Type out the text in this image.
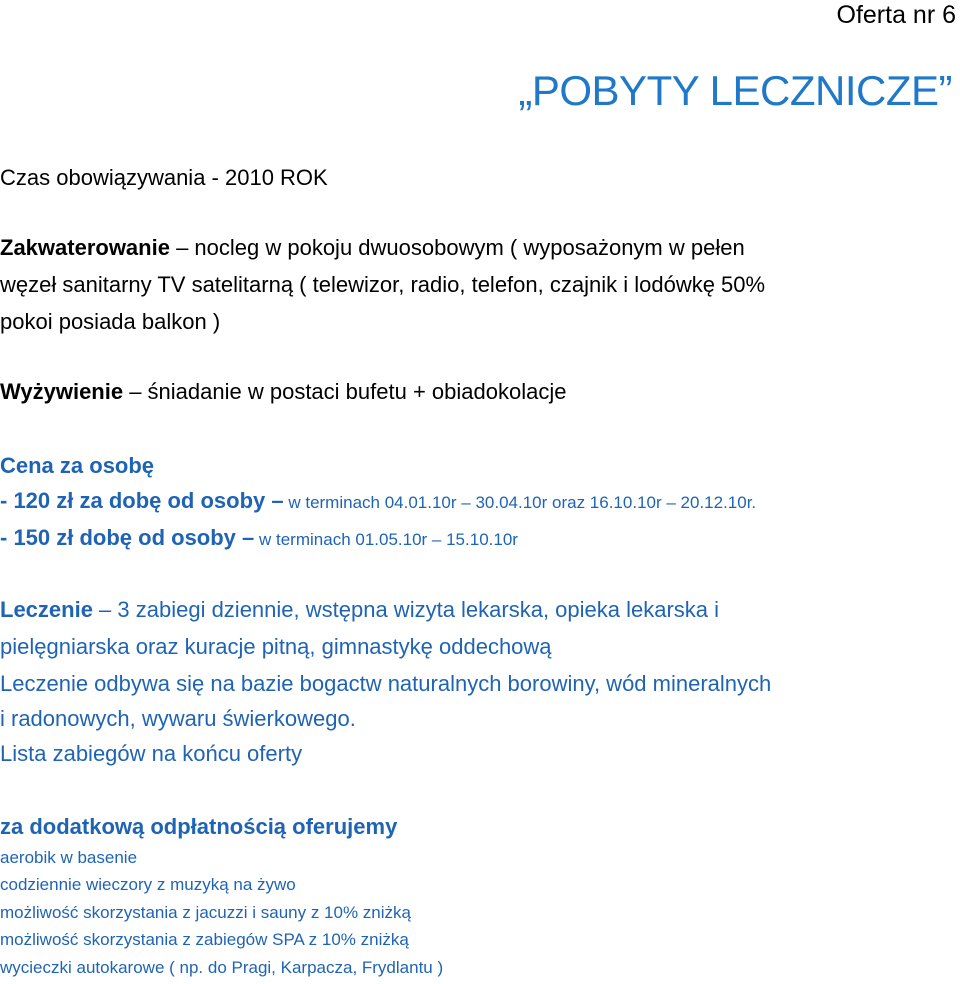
Oferta nr 6
„POBYTY LECZNICZE”
Czas obowiązywania - 2010 ROK
Zakwaterowanie – nocleg w pokoju dwuosobowym ( wyposażonym w pełen
węzeł sanitarny TV satelitarną ( telewizor, radio, telefon, czajnik i lodówkę 50%
pokoi posiada balkon )
Wyżywienie – śniadanie w postaci bufetu + obiadokolacje
Cena za osobę
- 120 zł za dobę od osoby – w terminach 04.01.10r – 30.04.10r oraz 16.10.10r – 20.12.10r.
- 150 zł dobę od osoby – w terminach 01.05.10r – 15.10.10r
Leczenie – 3 zabiegi dziennie, wstępna wizyta lekarska, opieka lekarska i
pielęgniarska oraz kuracje pitną, gimnastykę oddechową
Leczenie odbywa się na bazie bogactw naturalnych borowiny, wód mineralnych
i radonowych, wywaru świerkowego.
Lista zabiegów na końcu oferty
za dodatkową odpłatnością oferujemy
aerobik w basenie
codziennie wieczory z muzyką na żywo
możliwość skorzystania z jacuzzi i sauny z 10% zniżką
możliwość skorzystania z zabiegów SPA z 10% zniżką
wycieczki autokarowe ( np. do Pragi, Karpacza, Frydlantu )
